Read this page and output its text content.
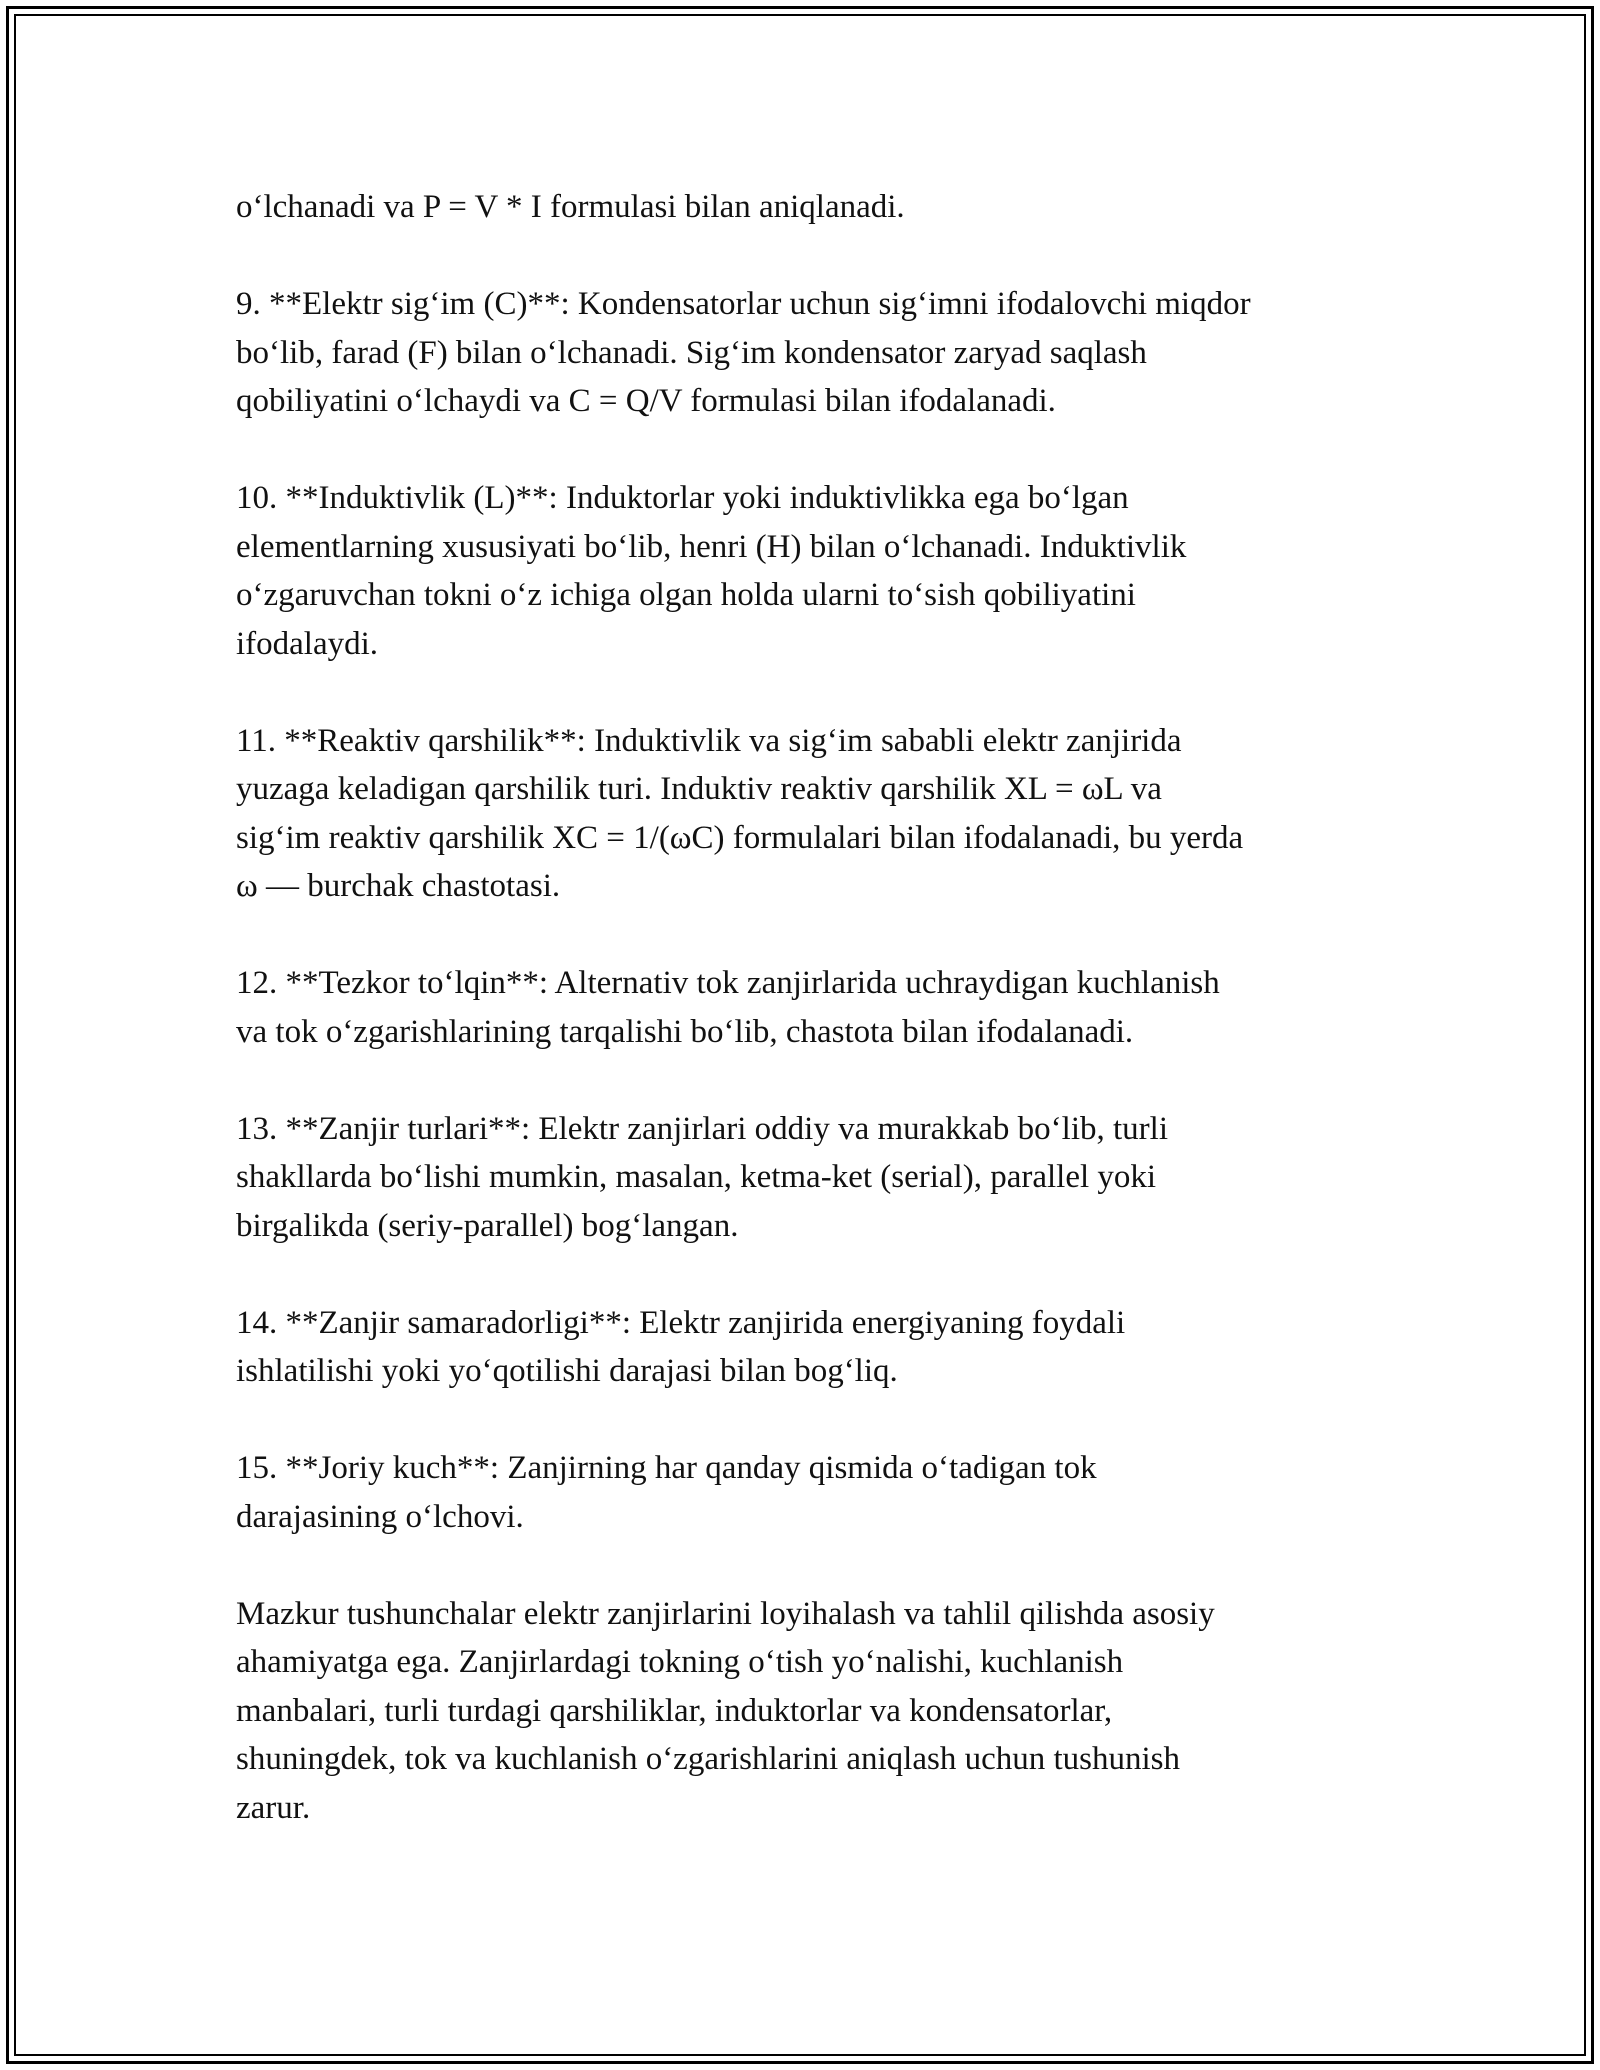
o‘lchanadi va P = V * I formulasi bilan aniqlanadi.

9. **Elektr sig‘im (C)**: Kondensatorlar uchun sig‘imni ifodalovchi miqdor
bo‘lib, farad (F) bilan o‘lchanadi. Sig‘im kondensator zaryad saqlash
qobiliyatini o‘lchaydi va C = Q/V formulasi bilan ifodalanadi.

10. **Induktivlik (L)**: Induktorlar yoki induktivlikka ega bo‘lgan
elementlarning xususiyati bo‘lib, henri (H) bilan o‘lchanadi. Induktivlik
o‘zgaruvchan tokni o‘z ichiga olgan holda ularni to‘sish qobiliyatini
ifodalaydi.

11. **Reaktiv qarshilik**: Induktivlik va sig‘im sababli elektr zanjirida
yuzaga keladigan qarshilik turi. Induktiv reaktiv qarshilik XL = ωL va
sig‘im reaktiv qarshilik XC = 1/(ωC) formulalari bilan ifodalanadi, bu yerda
ω — burchak chastotasi.

12. **Tezkor to‘lqin**: Alternativ tok zanjirlarida uchraydigan kuchlanish
va tok o‘zgarishlarining tarqalishi bo‘lib, chastota bilan ifodalanadi.

13. **Zanjir turlari**: Elektr zanjirlari oddiy va murakkab bo‘lib, turli
shakllarda bo‘lishi mumkin, masalan, ketma-ket (serial), parallel yoki
birgalikda (seriy-parallel) bog‘langan.

14. **Zanjir samaradorligi**: Elektr zanjirida energiyaning foydali
ishlatilishi yoki yo‘qotilishi darajasi bilan bog‘liq.

15. **Joriy kuch**: Zanjirning har qanday qismida o‘tadigan tok
darajasining o‘lchovi.

Mazkur tushunchalar elektr zanjirlarini loyihalash va tahlil qilishda asosiy
ahamiyatga ega. Zanjirlardagi tokning o‘tish yo‘nalishi, kuchlanish
manbalari, turli turdagi qarshiliklar, induktorlar va kondensatorlar,
shuningdek, tok va kuchlanish o‘zgarishlarini aniqlash uchun tushunish
zarur.
